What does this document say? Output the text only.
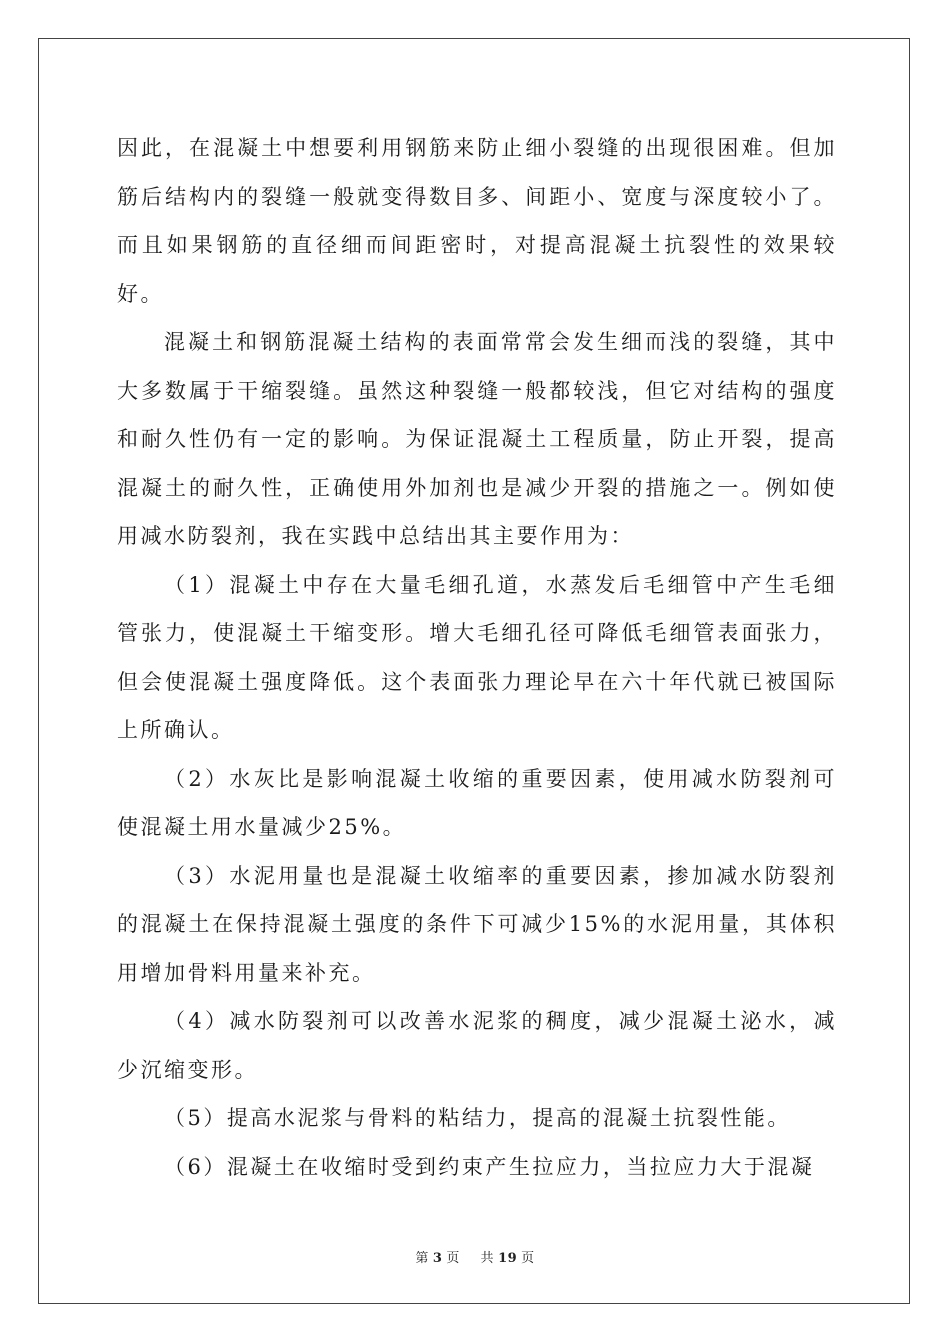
因此，在混凝土中想要利用钢筋来防止细小裂缝的出现很困难。但加筋后结构内的裂缝一般就变得数目多、间距小、宽度与深度较小了。而且如果钢筋的直径细而间距密时，对提高混凝土抗裂性的效果较好。

混凝土和钢筋混凝土结构的表面常常会发生细而浅的裂缝，其中大多数属于干缩裂缝。虽然这种裂缝一般都较浅，但它对结构的强度和耐久性仍有一定的影响。为保证混凝土工程质量，防止开裂，提高混凝土的耐久性，正确使用外加剂也是减少开裂的措施之一。例如使用减水防裂剂，我在实践中总结出其主要作用为：

（1）混凝土中存在大量毛细孔道，水蒸发后毛细管中产生毛细管张力，使混凝土干缩变形。增大毛细孔径可降低毛细管表面张力，但会使混凝土强度降低。这个表面张力理论早在六十年代就已被国际上所确认。

（2）水灰比是影响混凝土收缩的重要因素，使用减水防裂剂可使混凝土用水量减少25%。

（3）水泥用量也是混凝土收缩率的重要因素，掺加减水防裂剂的混凝土在保持混凝土强度的条件下可减少15%的水泥用量，其体积用增加骨料用量来补充。

（4）减水防裂剂可以改善水泥浆的稠度，减少混凝土泌水，减少沉缩变形。

（5）提高水泥浆与骨料的粘结力，提高的混凝土抗裂性能。

（6）混凝土在收缩时受到约束产生拉应力，当拉应力大于混凝

第 3 页 共 19 页
